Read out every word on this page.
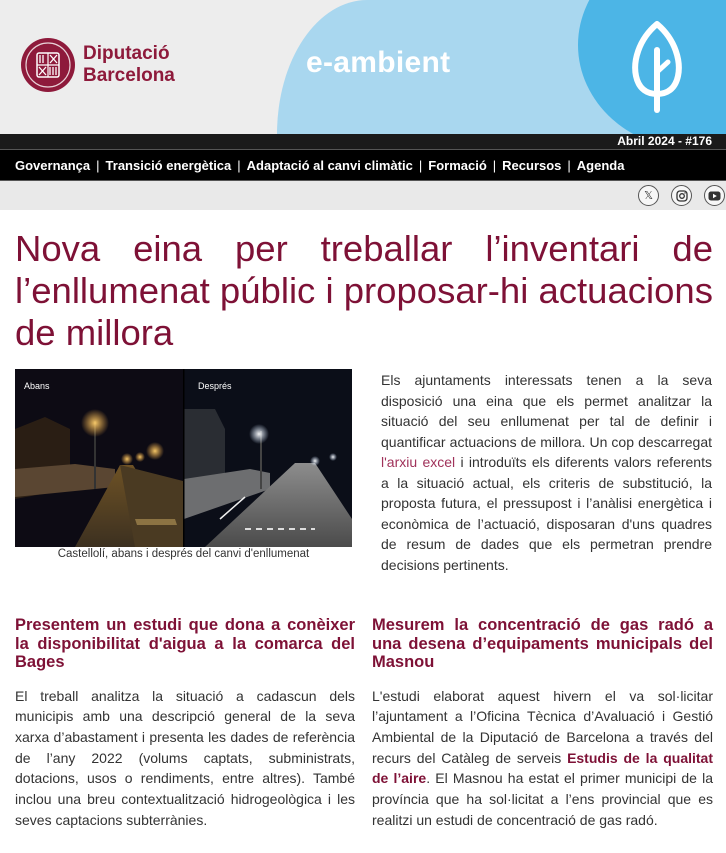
Diputació
Barcelona	e-ambient
Abril 2024 - #176
Governança | Transició energètica | Adaptació al canvi climàtic | Formació | Recursos | Agenda
𝕏
Nova eina per treballar l’inventari de l’enllumenat públic i proposar-hi actuacions de millora
Abans	Després
Castellolí, abans i després del canvi d'enllumenat

Els ajuntaments interessats tenen a la seva disposició una eina que els permet analitzar la situació del seu enllumenat per tal de definir i quantificar actuacions de millora. Un cop descarregat l'arxiu excel i introduïts els diferents valors referents a la situació actual, els criteris de substitució, la proposta futura, el pressupost i l’anàlisi energètica i econòmica de l’actuació, disposaran d'uns quadres de resum de dades que els permetran prendre decisions pertinents.

Presentem un estudi que dona a conèixer la disponibilitat d'aigua a la comarca del Bages

El treball analitza la situació a cadascun dels municipis amb una descripció general de la seva xarxa d’abastament i presenta les dades de referència de l’any 2022 (volums captats, subministrats, dotacions, usos o rendiments, entre altres). També inclou una breu contextualització hidrogeològica i les seves captacions subterrànies.

Mesurem la concentració de gas radó a una desena d’equipaments municipals del Masnou

L'estudi elaborat aquest hivern el va sol·licitar l’ajuntament a l’Oficina Tècnica d’Avaluació i Gestió Ambiental de la Diputació de Barcelona a través del recurs del Catàleg de serveis Estudis de la qualitat de l’aire. El Masnou ha estat el primer municipi de la província que ha sol·licitat a l’ens provincial que es realitzi un estudi de concentració de gas radó.
